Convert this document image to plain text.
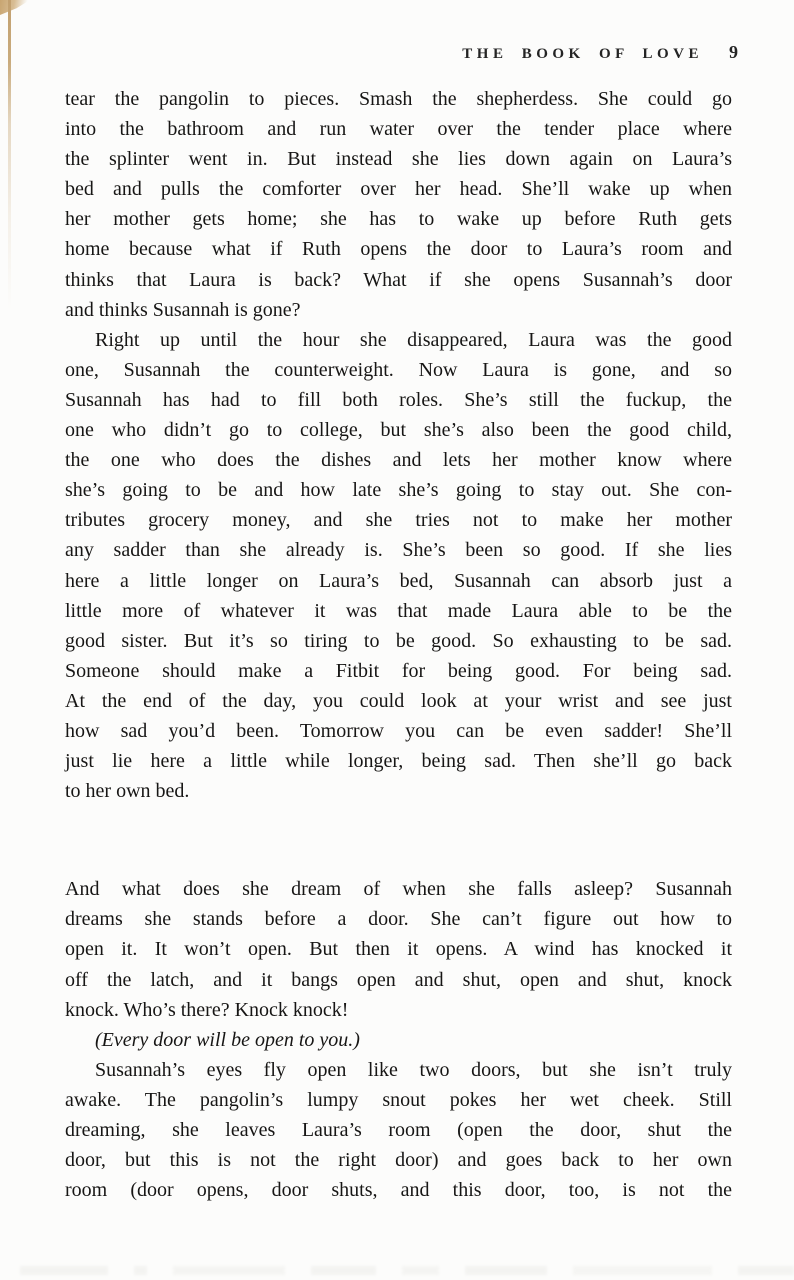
THE BOOK OF LOVE 9

tear the pangolin to pieces. Smash the shepherdess. She could go
into the bathroom and run water over the tender place where
the splinter went in. But instead she lies down again on Laura’s
bed and pulls the comforter over her head. She’ll wake up when
her mother gets home; she has to wake up before Ruth gets
home because what if Ruth opens the door to Laura’s room and
thinks that Laura is back? What if she opens Susannah’s door
and thinks Susannah is gone?

Right up until the hour she disappeared, Laura was the good
one, Susannah the counterweight. Now Laura is gone, and so
Susannah has had to fill both roles. She’s still the fuckup, the
one who didn’t go to college, but she’s also been the good child,
the one who does the dishes and lets her mother know where
she’s going to be and how late she’s going to stay out. She con-
tributes grocery money, and she tries not to make her mother
any sadder than she already is. She’s been so good. If she lies
here a little longer on Laura’s bed, Susannah can absorb just a
little more of whatever it was that made Laura able to be the
good sister. But it’s so tiring to be good. So exhausting to be sad.
Someone should make a Fitbit for being good. For being sad.
At the end of the day, you could look at your wrist and see just
how sad you’d been. Tomorrow you can be even sadder! She’ll
just lie here a little while longer, being sad. Then she’ll go back
to her own bed.

And what does she dream of when she falls asleep? Susannah
dreams she stands before a door. She can’t figure out how to
open it. It won’t open. But then it opens. A wind has knocked it
off the latch, and it bangs open and shut, open and shut, knock
knock. Who’s there? Knock knock!

(Every door will be open to you.)

Susannah’s eyes fly open like two doors, but she isn’t truly
awake. The pangolin’s lumpy snout pokes her wet cheek. Still
dreaming, she leaves Laura’s room (open the door, shut the
door, but this is not the right door) and goes back to her own
room (door opens, door shuts, and this door, too, is not the
